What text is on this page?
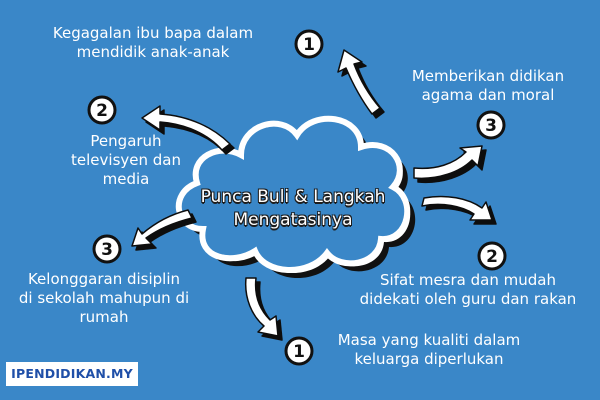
1
2
3
1
2
3
Punca Buli & Langkah
Mengatasinya
Kegagalan ibu bapa dalam
mendidik anak-anak
Pengaruh
televisyen dan
media
Kelonggaran disiplin
di sekolah mahupun di
rumah
Masa yang kualiti dalam
keluarga diperlukan
Sifat mesra dan mudah
didekati oleh guru dan rakan
Memberikan didikan
agama dan moral
IPENDIDIKAN.MY
